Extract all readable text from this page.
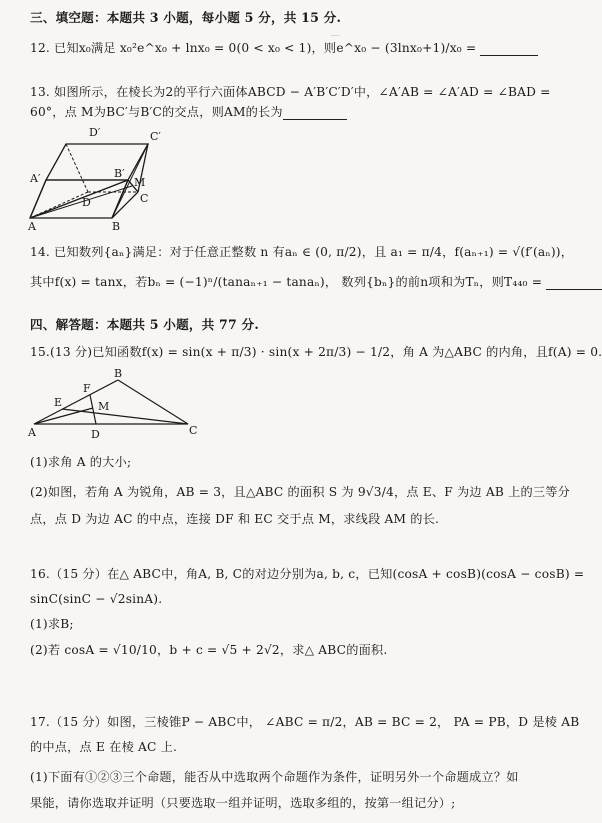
—
三、填空题：本题共 3 小题，每小题 5 分，共 15 分.
12. 已知x₀满足 x₀²e^x₀ + lnx₀ = 0(0 < x₀ < 1)，则e^x₀ − (3lnx₀+1)/x₀ =
13. 如图所示，在棱长为2的平行六面体ABCD − A′B′C′D′中，∠A′AB = ∠A′AD = ∠BAD =
60°，点 M为BC′与B′C的交点，则AM的长为
D′	C′
A′	B′
M
D	C
A	B
14. 已知数列{aₙ}满足：对于任意正整数 n 有aₙ ∈ (0, π/2)，且 a₁ = π/4，f(aₙ₊₁) = √(f′(aₙ))，
其中f(x) = tanx，若bₙ = (−1)ⁿ/(tanaₙ₊₁ − tanaₙ)， 数列{bₙ}的前n项和为Tₙ，则T₄₄₀ =
四、解答题：本题共 5 小题，共 77 分.
15.(13 分)已知函数f(x) = sin(x + π/3) · sin(x + 2π/3) − 1/2，角 A 为△ABC 的内角，且f(A) = 0.
B
F
E	M
A	D	C
(1)求角 A 的大小;
(2)如图，若角 A 为锐角，AB = 3，且△ABC 的面积 S 为 9√3/4，点 E、F 为边 AB 上的三等分
点，点 D 为边 AC 的中点，连接 DF 和 EC 交于点 M，求线段 AM 的长.
16.（15 分）在△ ABC中，角A, B, C的对边分别为a, b, c，已知(cosA + cosB)(cosA − cosB) =
sinC(sinC − √2sinA).
(1)求B;
(2)若 cosA = √10/10，b + c = √5 + 2√2，求△ ABC的面积.
17.（15 分）如图，三棱锥P − ABC中， ∠ABC = π/2，AB = BC = 2， PA = PB，D 是棱 AB
的中点，点 E 在棱 AC 上.
(1)下面有①②③三个命题，能否从中选取两个命题作为条件，证明另外一个命题成立？如
果能，请你选取并证明（只要选取一组并证明，选取多组的，按第一组记分）;
